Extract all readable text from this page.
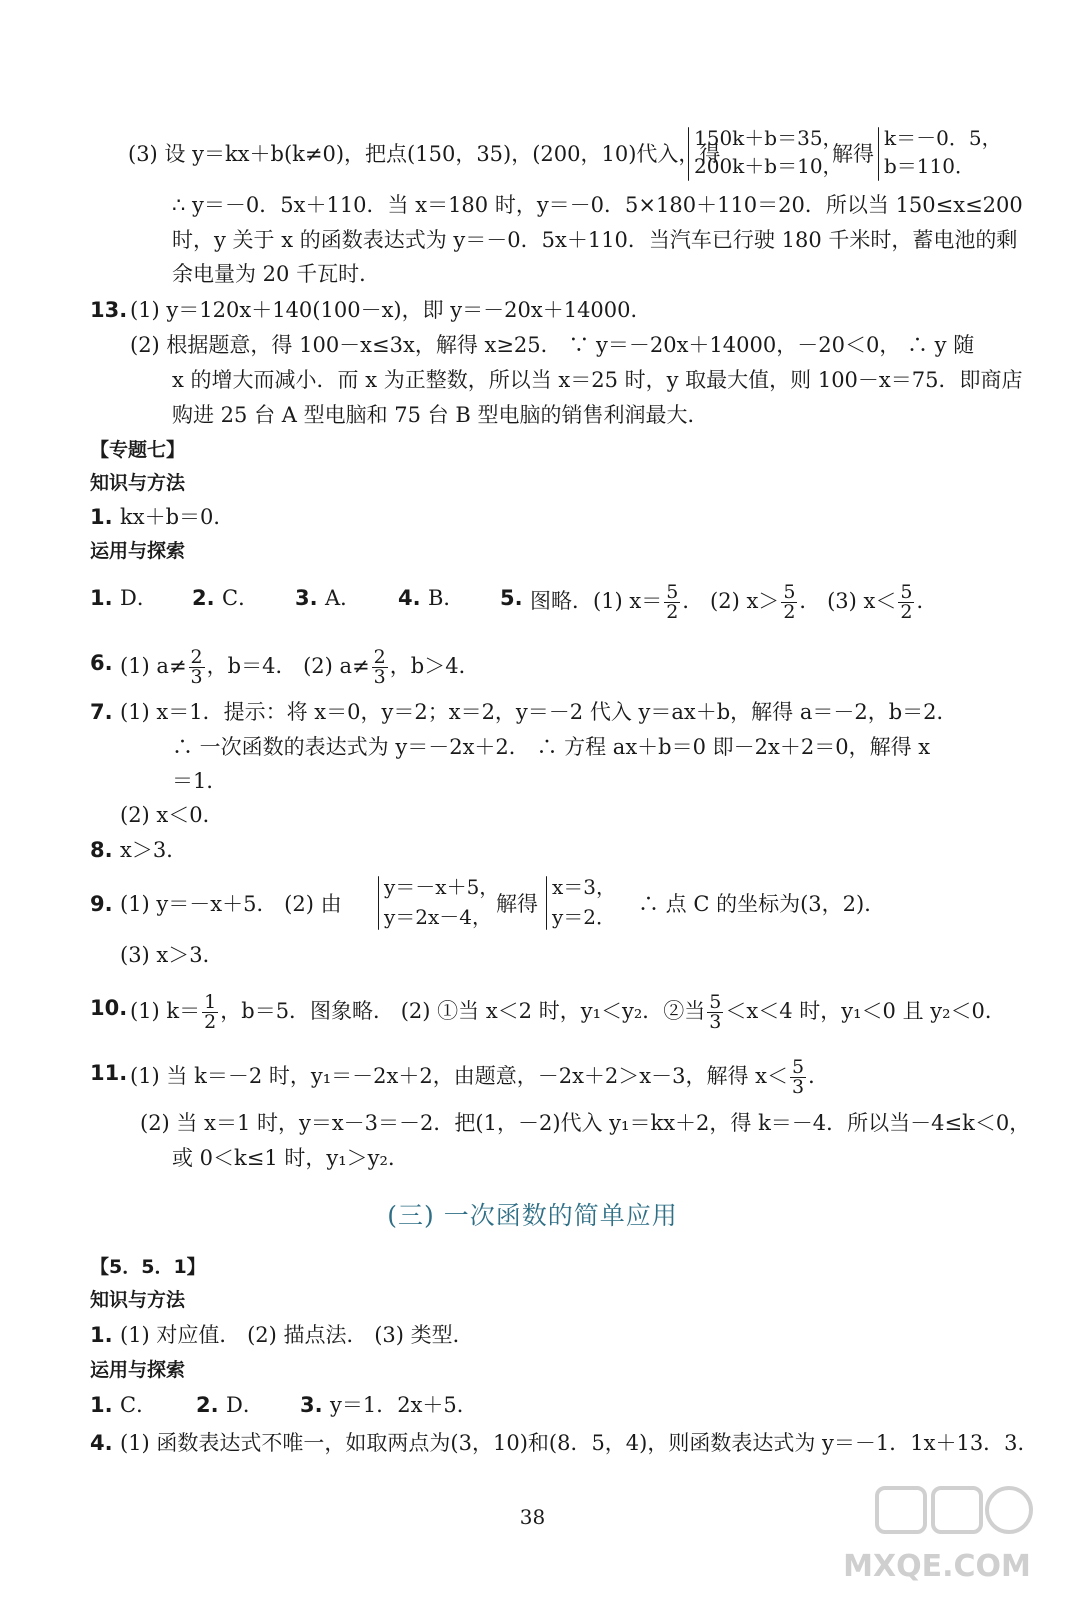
(3) 设 y＝kx＋b(k≠0)，把点(150，35)，(200，10)代入，得
150k＋b＝35，
200k＋b＝10，
解得
k＝－0．5，
b＝110．
∴ y＝－0．5x＋110．当 x＝180 时，y＝－0．5×180＋110＝20．所以当 150≤x≤200
时，y 关于 x 的函数表达式为 y＝－0．5x＋110．当汽车已行驶 180 千米时，蓄电池的剩
余电量为 20 千瓦时．
13. (1) y＝120x＋140(100－x)，即 y＝－20x＋14000．
(2) 根据题意，得 100－x≤3x，解得 x≥25． ∵ y＝－20x＋14000，－20＜0， ∴ y 随
x 的增大而减小．而 x 为正整数，所以当 x＝25 时，y 取最大值，则 100－x＝75．即商店
购进 25 台 A 型电脑和 75 台 B 型电脑的销售利润最大．
【专题七】
知识与方法
1. kx＋b＝0．
运用与探索
1. D． 2. C． 3. A． 4. B． 5. 图略．(1) $x= \frac{5}{2}$ ． (2) $x> \frac{5}{2}$ ． (3) $x< \frac{5}{2}$ ．
6. (1) $a\ne \frac{2}{3}$ ，b＝4． (2) $a\ne \frac{2}{3}$ ，b＞4．
7. (1) x＝1．提示：将 x＝0，y＝2；x＝2，y＝－2 代入 y＝ax＋b，解得 a＝－2，b＝2．
∴ 一次函数的表达式为 y＝－2x＋2． ∴ 方程 ax＋b＝0 即－2x＋2＝0，解得 x
＝1．
(2) x＜0．
8. x＞3．
9. (1) y＝－x＋5． (2) 由
y＝－x＋5，
y＝2x－4，
解得
x＝3，
y＝2．
∴ 点 C 的坐标为(3，2)．
(3) x＞3．
10. (1) $k= \frac{1}{2}$ ，b＝5．图象略． (2) ①当 x＜2 时，y₁＜y₂．②当 $\frac{5}{3} <x<4$ 时，y₁＜0 且 y₂＜0．
11. (1) 当 k＝－2 时，y₁＝－2x＋2，由题意，－2x＋2＞x－3，解得 $x< \frac{5}{3}$ ．
(2) 当 x＝1 时，y＝x－3＝－2．把(1，－2)代入 y₁＝kx＋2，得 k＝－4．所以当－4≤k＜0，
或 0＜k≤1 时，y₁＞y₂．
(三) 一次函数的简单应用
【5．5．1】
知识与方法
1. (1) 对应值． (2) 描点法． (3) 类型．
运用与探索
1. C． 2. D． 3. y＝1．2x＋5．
4. (1) 函数表达式不唯一，如取两点为(3，10)和(8．5，4)，则函数表达式为 y＝－1．1x＋13．3．
38
MXQE.COM
